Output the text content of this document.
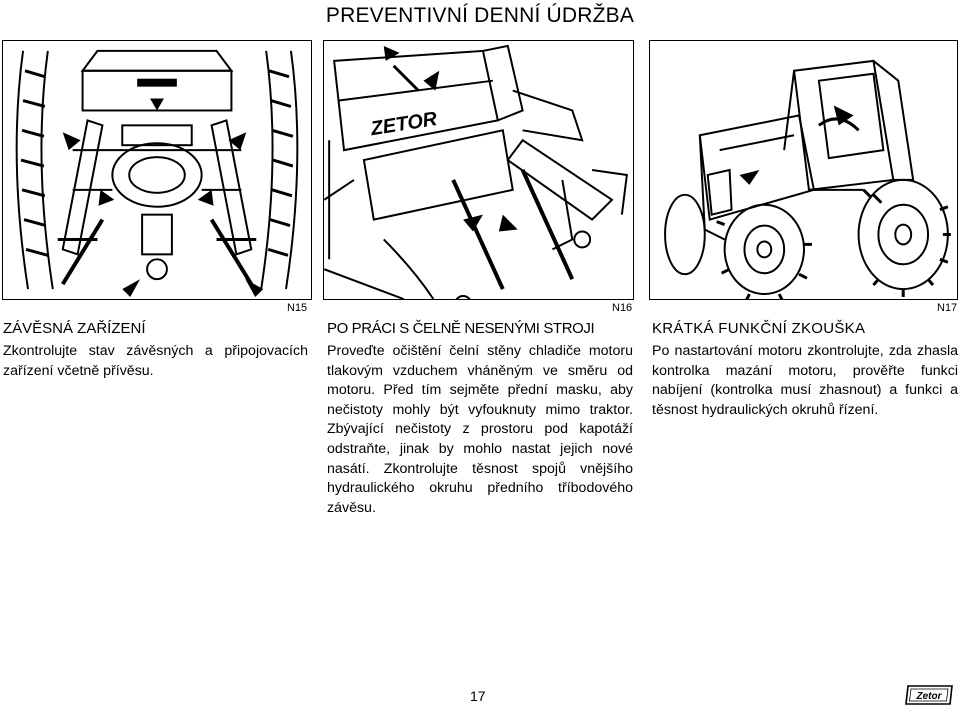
PREVENTIVNÍ DENNÍ ÚDRŽBA
ZETOR
N15	N16	N17
ZÁVĚSNÁ ZAŘÍZENÍ	PO PRÁCI S ČELNĚ NESENÝMI STROJI	KRÁTKÁ FUNKČNÍ ZKOUŠKA
Zkontrolujte stav závěsných a připojovacích zařízení včetně přívěsu.
Proveďte očištění čelní stěny chladiče motoru tlakovým vzduchem vháněným ve směru od motoru. Před tím sejměte přední masku, aby nečistoty mohly být vyfouknuty mimo traktor. Zbývající nečistoty z prostoru pod kapotáží odstraňte, jinak by mohlo nastat jejich nové nasátí. Zkontrolujte těsnost spojů vnějšího hydraulického okruhu předního tříbodového závěsu.
Po nastartování motoru zkontrolujte, zda zhasla kontrolka mazání motoru, prověřte funkci nabíjení (kontrolka musí zhasnout) a funkci a těsnost hydraulických okruhů řízení.
17	Zetor
